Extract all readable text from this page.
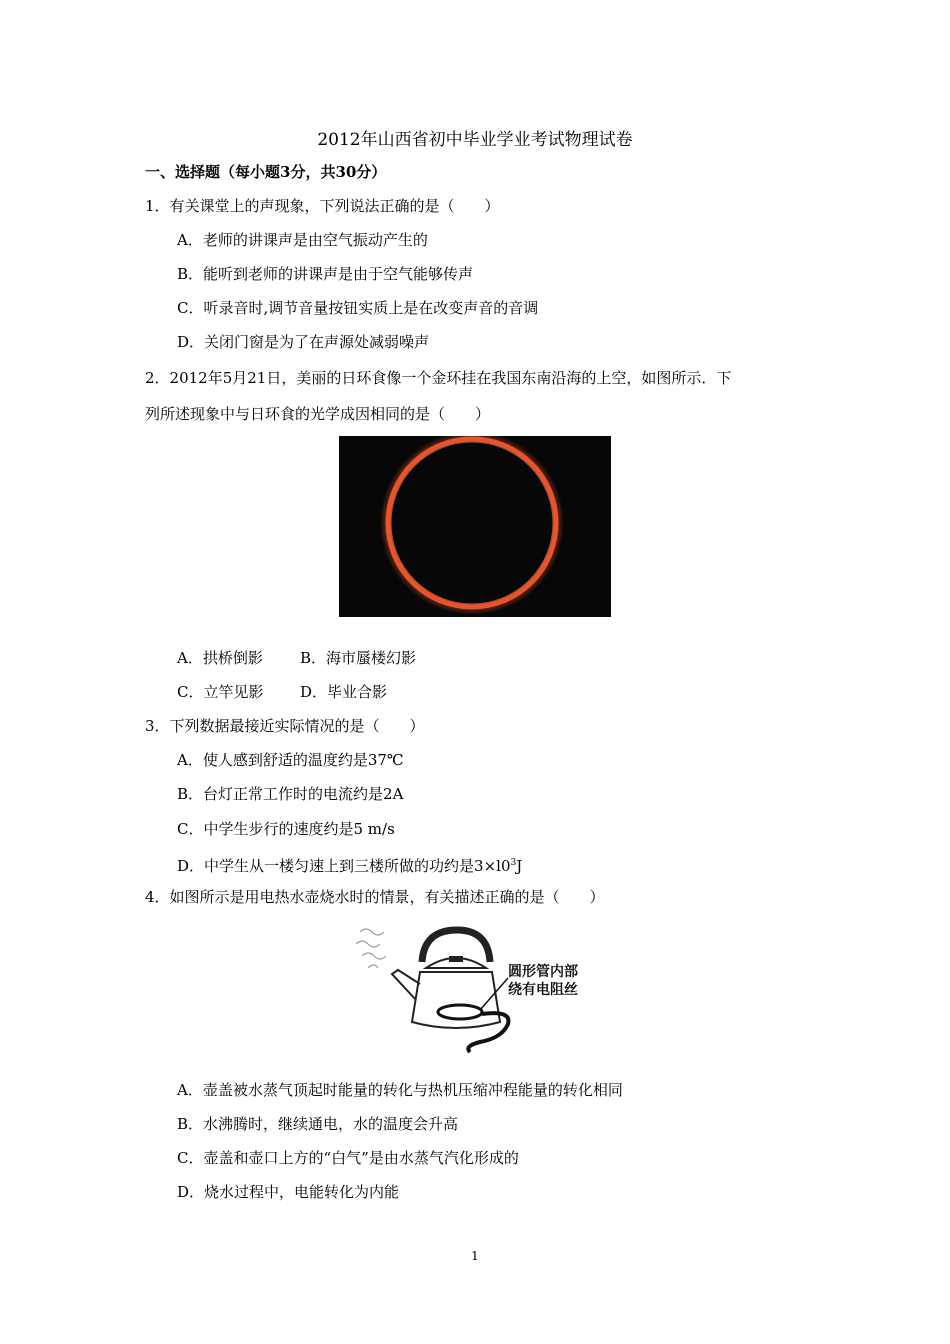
2012年山西省初中毕业学业考试物理试卷
一、选择题（每小题3分，共30分）
1．有关课堂上的声现象，下列说法正确的是（　　）
A．老师的讲课声是由空气振动产生的
B．能听到老师的讲课声是由于空气能够传声
C．听录音时,调节音量按钮实质上是在改变声音的音调
D．关闭门窗是为了在声源处减弱噪声
2．2012年5月21日，美丽的日环食像一个金环挂在我国东南沿海的上空，如图所示．下
列所述现象中与日环食的光学成因相同的是（　　）
A．拱桥倒影 B．海市蜃楼幻影
C．立竿见影 D．毕业合影
3．下列数据最接近实际情况的是（　　）
A．使人感到舒适的温度约是37℃
B．台灯正常工作时的电流约是2A
C．中学生步行的速度约是5 m/s
D．中学生从一楼匀速上到三楼所做的功约是$3\times l0^3J$
4．如图所示是用电热水壶烧水时的情景，有关描述正确的是（　　）
圆形管内部
绕有电阻丝
A．壶盖被水蒸气顶起时能量的转化与热机压缩冲程能量的转化相同
B．水沸腾时，继续通电，水的温度会升高
C．壶盖和壶口上方的“白气”是由水蒸气汽化形成的
D．烧水过程中，电能转化为内能
1
